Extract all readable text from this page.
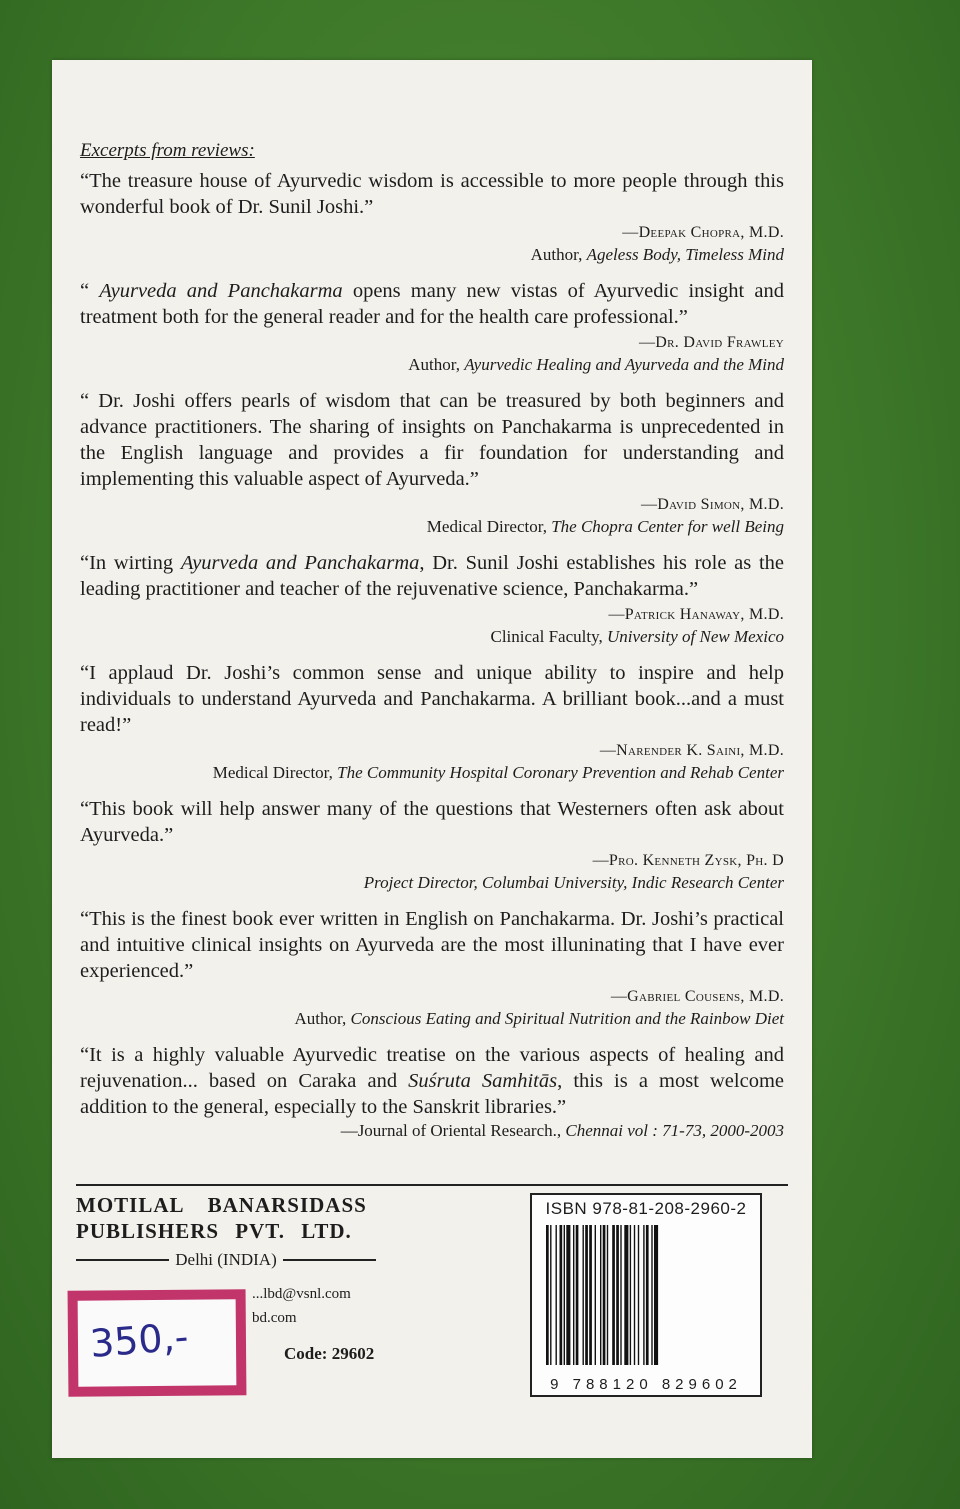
Excerpts from reviews:

“The treasure house of Ayurvedic wisdom is accessible to more people through this wonderful book of Dr. Sunil Joshi.”

—Deepak Chopra, M.D.

Author, Ageless Body, Timeless Mind

“ Ayurveda and Panchakarma opens many new vistas of Ayurvedic insight and treatment both for the general reader and for the health care professional.”

—Dr. David Frawley

Author, Ayurvedic Healing and Ayurveda and the Mind

“ Dr. Joshi offers pearls of wisdom that can be treasured by both beginners and advance practitioners. The sharing of insights on Panchakarma is unprecedented in the English language and provides a fir foundation for understanding and implementing this valuable aspect of Ayurveda.”

—David Simon, M.D.

Medical Director, The Chopra Center for well Being

“In wirting Ayurveda and Panchakarma, Dr. Sunil Joshi establishes his role as the leading practitioner and teacher of the rejuvenative science, Panchakarma.”

—Patrick Hanaway, M.D.

Clinical Faculty, University of New Mexico

“I applaud Dr. Joshi’s common sense and unique ability to inspire and help individuals to understand Ayurveda and Panchakarma. A brilliant book...and a must read!”

—Narender K. Saini, M.D.

Medical Director, The Community Hospital Coronary Prevention and Rehab Center

“This book will help answer many of the questions that Westerners often ask about Ayurveda.”

—Pro. Kenneth Zysk, Ph. D

Project Director, Columbai University, Indic Research Center

“This is the finest book ever written in English on Panchakarma. Dr. Joshi’s practical and intuitive clinical insights on Ayurveda are the most illuninating that I have ever experienced.”

—Gabriel Cousens, M.D.

Author, Conscious Eating and Spiritual Nutrition and the Rainbow Diet

“It is a highly valuable Ayurvedic treatise on the various aspects of healing and rejuvenation... based on Caraka and Suśruta Samhitās, this is a most welcome addition to the general, especially to the Sanskrit libraries.”

—Journal of Oriental Research., Chennai vol : 71-73, 2000-2003

MOTILAL BANARSIDASS
PUBLISHERS PVT. LTD.
Delhi (INDIA)
...lbd@vsnl.com
bd.com
Code: 29602
350,-
ISBN 978-81-208-2960-2
9 788120 829602
